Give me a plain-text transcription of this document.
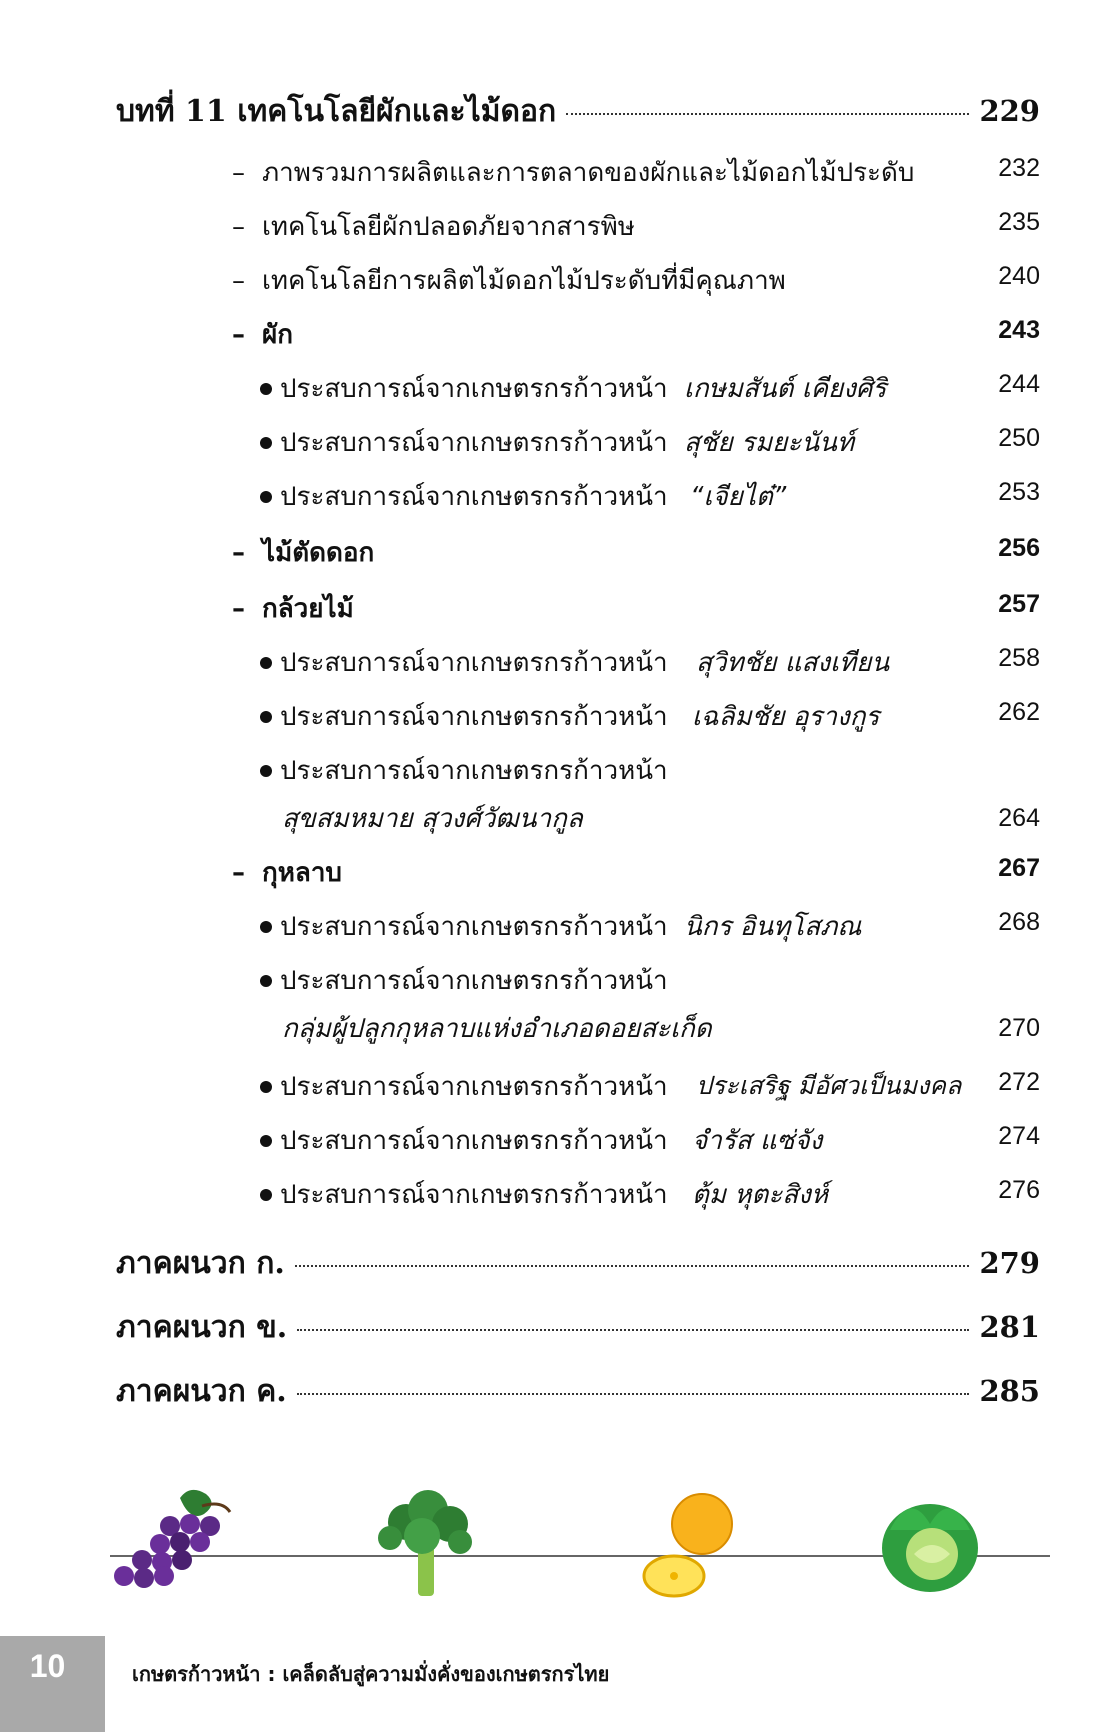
บทที่ 11 เทคโนโลยีผักและไม้ดอก	229
– ภาพรวมการผลิตและการตลาดของผักและไม้ดอกไม้ประดับ	232
– เทคโนโลยีผักปลอดภัยจากสารพิษ	235
– เทคโนโลยีการผลิตไม้ดอกไม้ประดับที่มีคุณภาพ	240
– ผัก	243
ประสบการณ์จากเกษตรกรก้าวหน้า เกษมสันต์ เคียงศิริ	244
ประสบการณ์จากเกษตรกรก้าวหน้า สุชัย รมยะนันท์	250
ประสบการณ์จากเกษตรกรก้าวหน้า “เจียไต๋”	253
– ไม้ตัดดอก	256
– กล้วยไม้	257
ประสบการณ์จากเกษตรกรก้าวหน้า สุวิทชัย แสงเทียน	258
ประสบการณ์จากเกษตรกรก้าวหน้า เฉลิมชัย อุรางกูร	262
ประสบการณ์จากเกษตรกรก้าวหน้า
สุขสมหมาย สุวงศ์วัฒนากูล	264
– กุหลาบ	267
ประสบการณ์จากเกษตรกรก้าวหน้า นิกร อินทุโสภณ	268
ประสบการณ์จากเกษตรกรก้าวหน้า
กลุ่มผู้ปลูกกุหลาบแห่งอำเภอดอยสะเก็ด	270
ประสบการณ์จากเกษตรกรก้าวหน้า ประเสริฐ มีอัศวเป็นมงคล 272
ประสบการณ์จากเกษตรกรก้าวหน้า จำรัส แซ่จัง	274
ประสบการณ์จากเกษตรกรก้าวหน้า ตุ้ม หุตะสิงห์	276
ภาคผนวก ก.	279
ภาคผนวก ข.	281
ภาคผนวก ค.	285
10	เกษตรก้าวหน้า : เคล็ดลับสู่ความมั่งคั่งของเกษตรกรไทย
